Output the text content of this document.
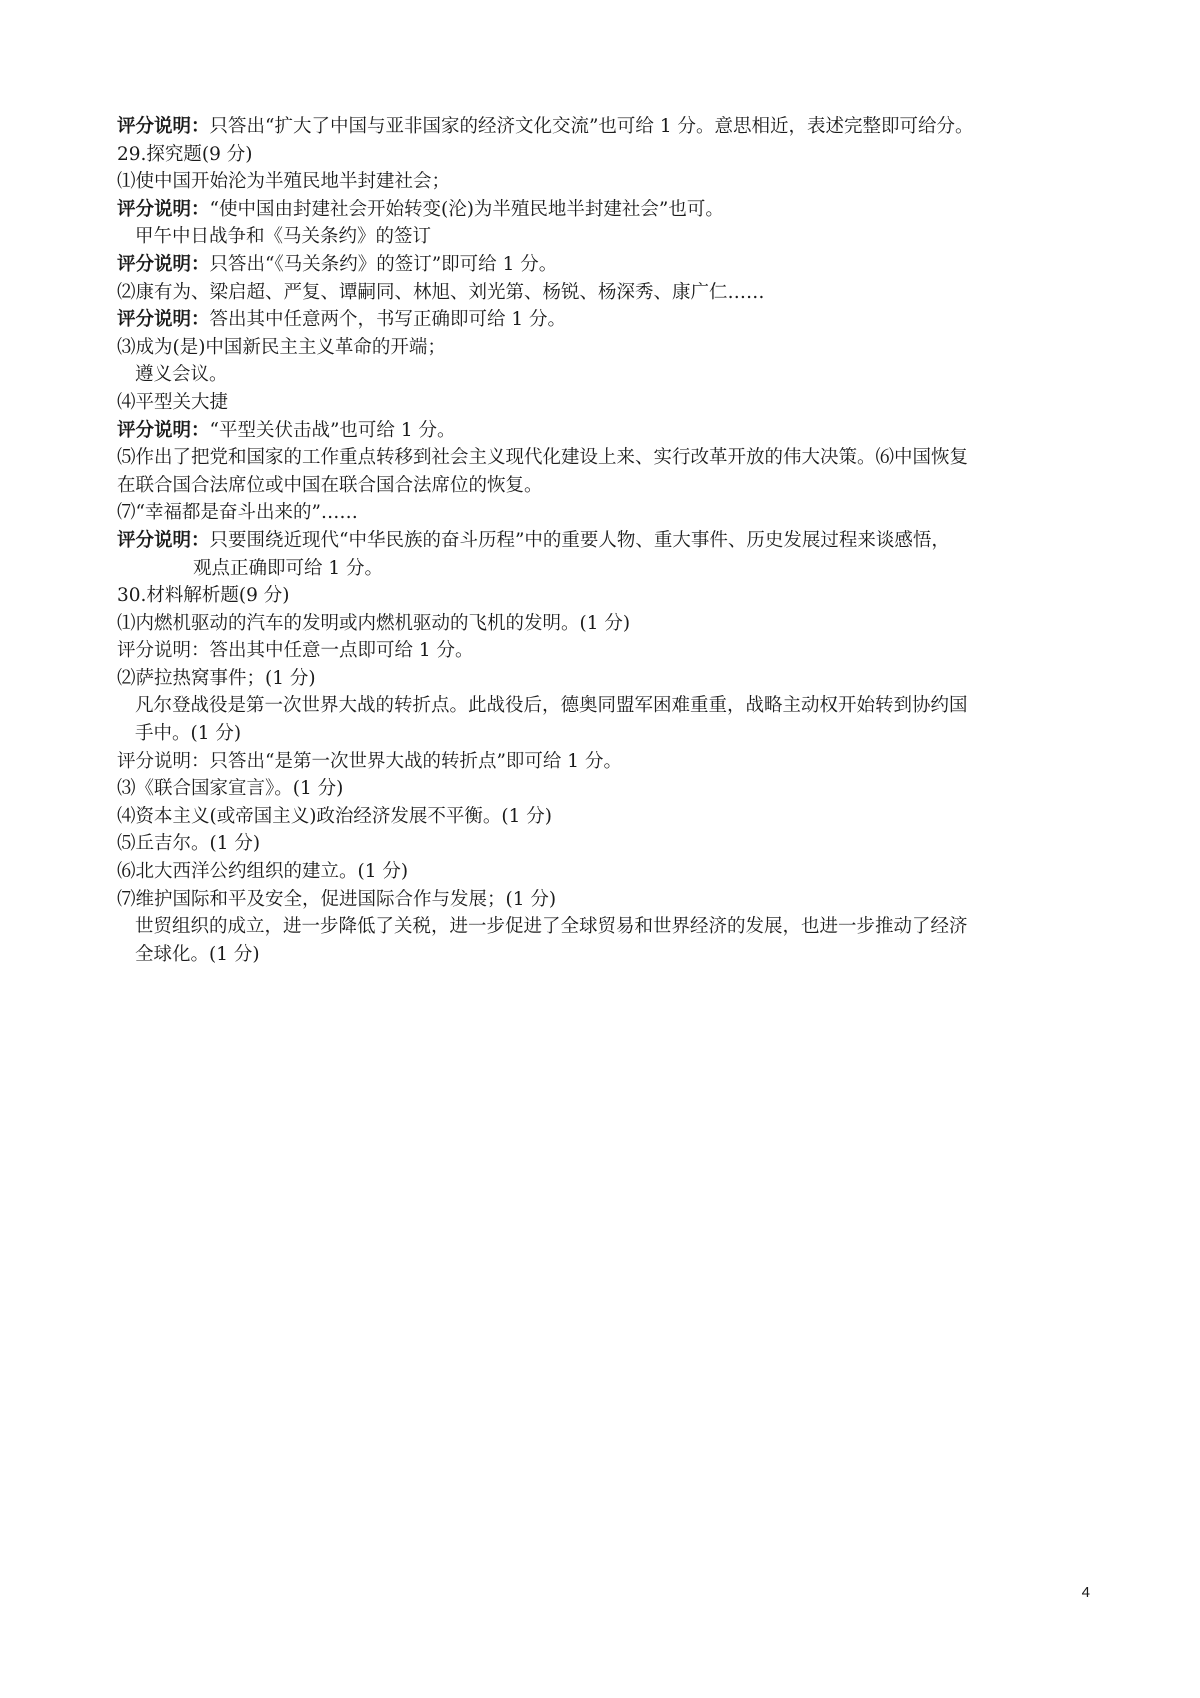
评分说明：只答出“扩大了中国与亚非国家的经济文化交流”也可给 1 分。意思相近，表述完整即可给分。
29.探究题(9 分)
⑴使中国开始沦为半殖民地半封建社会；
评分说明：“使中国由封建社会开始转变(沦)为半殖民地半封建社会”也可。
甲午中日战争和《马关条约》的签订
评分说明：只答出“《马关条约》的签订”即可给 1 分。
⑵康有为、梁启超、严复、谭嗣同、林旭、刘光第、杨锐、杨深秀、康广仁……
评分说明：答出其中任意两个，书写正确即可给 1 分。
⑶成为(是)中国新民主主义革命的开端；
遵义会议。
⑷平型关大捷
评分说明：“平型关伏击战”也可给 1 分。
⑸作出了把党和国家的工作重点转移到社会主义现代化建设上来、实行改革开放的伟大决策。⑹中国恢复
在联合国合法席位或中国在联合国合法席位的恢复。
⑺“幸福都是奋斗出来的”……
评分说明：只要围绕近现代“中华民族的奋斗历程”中的重要人物、重大事件、历史发展过程来谈感悟，
观点正确即可给 1 分。
30.材料解析题(9 分)
⑴内燃机驱动的汽车的发明或内燃机驱动的飞机的发明。(1 分)
评分说明：答出其中任意一点即可给 1 分。
⑵萨拉热窝事件；(1 分)
凡尔登战役是第一次世界大战的转折点。此战役后，德奥同盟军困难重重，战略主动权开始转到协约国
手中。(1 分)
评分说明：只答出“是第一次世界大战的转折点”即可给 1 分。
⑶《联合国家宣言》。(1 分)
⑷资本主义(或帝国主义)政治经济发展不平衡。(1 分)
⑸丘吉尔。(1 分)
⑹北大西洋公约组织的建立。(1 分)
⑺维护国际和平及安全，促进国际合作与发展；(1 分)
世贸组织的成立，进一步降低了关税，进一步促进了全球贸易和世界经济的发展，也进一步推动了经济
全球化。(1 分)
4
